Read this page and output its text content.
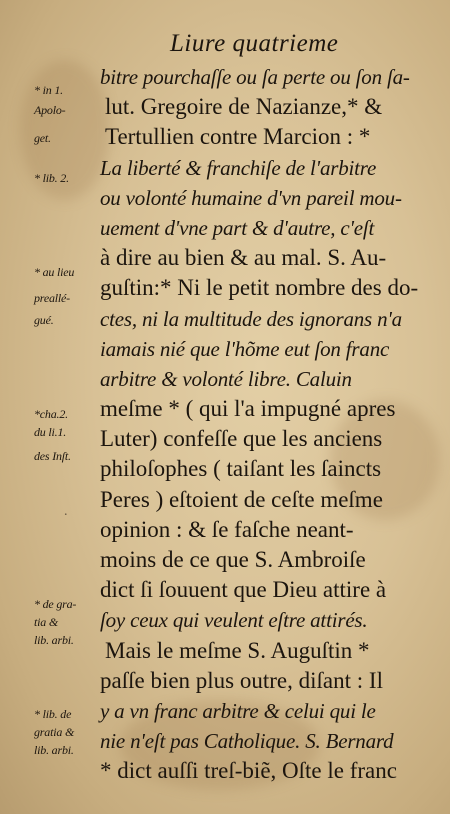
Liure quatrieme
* in 1.
Apolo-
get.
* lib. 2.
* au lieu
preallé-
gué.
*cha.2.
du li.1.
des Inſt.
* de gra-
tia &
lib. arbi.
* lib. de
gratia &
lib. arbi.
bitre pourchaſſe ou ſa perte ou ſon ſa-
lut. Gregoire de Nazianze,* &
Tertullien contre Marcion : *
La liberté & franchiſe de l'arbitre
ou volonté humaine d'vn pareil mou-
uement d'vne part & d'autre, c'eſt
à dire au bien & au mal. S. Au-
guſtin:* Ni le petit nombre des do-
ctes, ni la multitude des ignorans n'a
iamais nié que l'hõme eut ſon franc
arbitre & volonté libre. Caluin
meſme * ( qui l'a impugné apres
Luter) confeſſe que les anciens
philoſophes ( taiſant les ſaincts
Peres ) eſtoient de ceſte meſme
opinion : & ſe faſche neant-
moins de ce que S. Ambroiſe
dict ſi ſouuent que Dieu attire à
ſoy ceux qui veulent eſtre attirés.
Mais le meſme S. Auguſtin *
paſſe bien plus outre, diſant : Il
y a vn franc arbitre & celui qui le
nie n'eſt pas Catholique. S. Bernard
* dict auſſi treſ-biẽ, Oſte le franc
.
